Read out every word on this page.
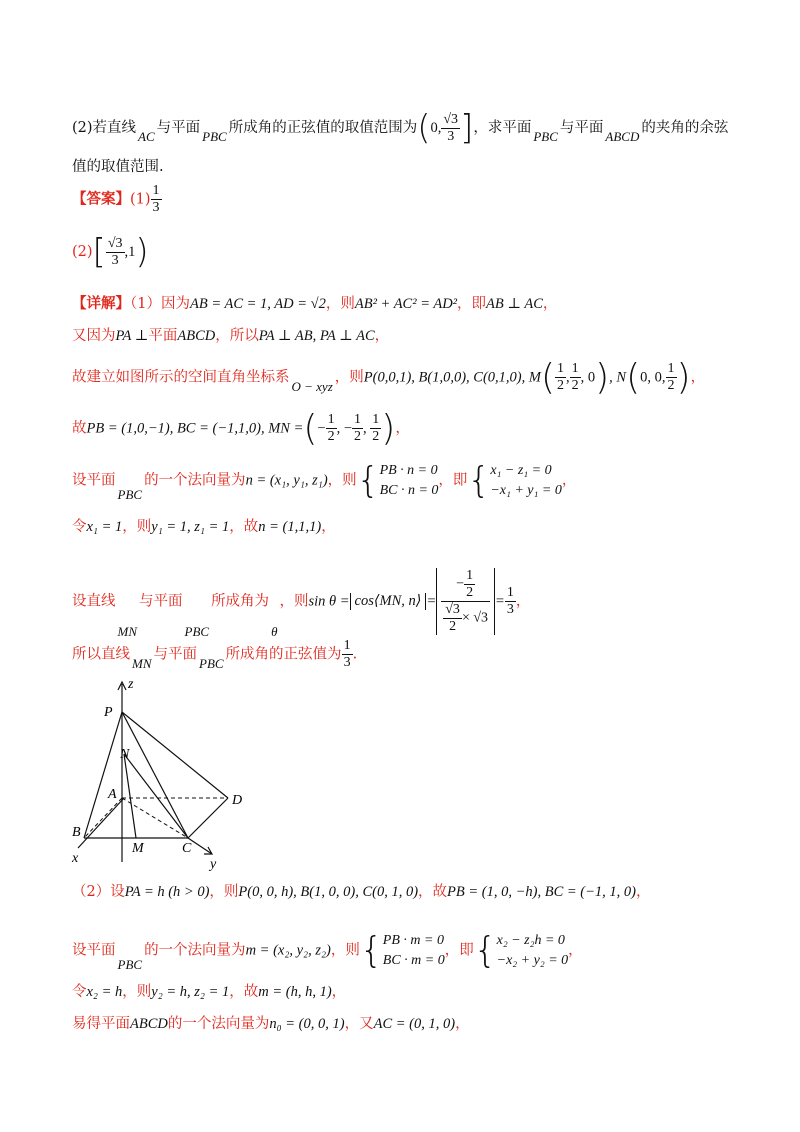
(2)若直线AC与平面PBC所成角的正弦值的取值范围为(0, $\frac{√3}{3}$ ]，求平面PBC与平面ABCD的夹角的余弦
值的取值范围.
【答案】$(1) \frac{1}{3}$
$(2)[ \frac{√3}{3} ,1)$
【详解】（1）因为AB = AC = 1, AD = √2，则AB² + AC² = AD²，即AB ⊥ AC，
又因为PA ⊥平面ABCD，所以PA ⊥ AB, PA ⊥ AC，
故建立如图所示的空间直角坐标系O − xyz，则P(0,0,1), B(1,0,0), C(0,1,0), $M( \frac{1}{2}$ , $\frac{1}{2}$ , 0), N(0, 0, $\frac{1}{2}$ )，
故PB = (1,0,−1), BC = (−1,1,0), MN =(− $\frac{1}{2}$ , − $\frac{1}{2}$ , $\frac{1}{2}$ )，
设平面PBC的一个法向量为n = (x₁, y₁, z₁)，则{ PB · n = 0
BC · n = 0
，即{ x₁ − z₁ = 0
−x₁ + y₁ = 0
，
令x₁ = 1，则y₁ = 1, z₁ = 1，故n = (1,1,1)，
设直线MN与平面PBC所成角为θ，则sin θ = cos⟨MN, n⟩ = $\frac{- \frac{1}{2}}{\frac{√3}{2} \times √3} = \frac{1}{3}$ ，
所以直线MN与平面PBC所成角的正弦值为 $\frac{1}{3}$ .
z
P
N
A	D
B
M	C
x	y
（2）设PA = h (h > 0)，则P(0, 0, h), B(1, 0, 0), C(0, 1, 0)，故PB = (1, 0, −h), BC = (−1, 1, 0)，
设平面PBC的一个法向量为m = (x₂, y₂, z₂)，则{ PB · m = 0
BC · m = 0
，即{ x₂ − z₂h = 0
−x₂ + y₂ = 0
，
令x₂ = h，则y₂ = h, z₂ = 1，故m = (h, h, 1)，
易得平面ABCD的一个法向量为n₀ = (0, 0, 1)，又AC = (0, 1, 0)，
